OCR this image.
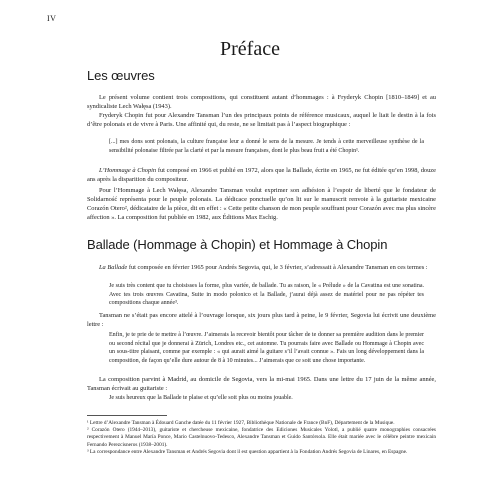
IV
Préface
Les œuvres

Le présent volume contient trois compositions, qui constituent autant d’hommages : à Fryderyk Chopin [1810–1849] et au syndicaliste Lech Wałęsa (1943).

Fryderyk Chopin fut pour Alexandre Tansman l’un des principaux points de référence musicaux, auquel le liait le destin à la fois d’être polonais et de vivre à Paris. Une affinité qui, du reste, ne se limitait pas à l’aspect biographique :

[...] mes dons sont polonais, la culture française leur a donné le sens de la mesure. Je tends à cette merveilleuse synthèse de la sensibilité polonaise filtrée par la clarté et par la mesure françaises, dont le plus beau fruit a été Chopin¹.

L’Hommage à Chopin fut composé en 1966 et publié en 1972, alors que la Ballade, écrite en 1965, ne fut éditée qu’en 1998, douze ans après la disparition du compositeur.

Pour l’Hommage à Lech Wałęsa, Alexandre Tansman voulut exprimer son adhésion à l’espoir de liberté que le fondateur de Solidarność représenta pour le peuple polonais. La dédicace ponctuelle qu’on lit sur le manuscrit renvoie à la guitariste mexicaine Corazón Otero², dédicataire de la pièce, dit en effet : « Cette petite chanson de mon peuple souffrant pour Corazón avec ma plus sincère affection ». La composition fut publiée en 1982, aux Éditions Max Eschig.

Ballade (Hommage à Chopin) et Hommage à Chopin

La Ballade fut composée en février 1965 pour Andrés Segovia, qui, le 3 février, s’adressait à Alexandre Tansman en ces termes :

Je suis très content que tu choisisses la forme, plus variée, de ballade. Tu as raison, le « Prélude » de la Cavatina est une sonatina. Avec tes trois œuvres Cavatina, Suite in modo polonico et la Ballade, j’aurai déjà assez de matériel pour ne pas répéter tes compositions chaque année³.

Tansman ne s’était pas encore attelé à l’ouvrage lorsque, six jours plus tard à peine, le 9 février, Segovia lui écrivit une deuxième lettre :

Enfin, je te prie de te mettre à l’œuvre. J’aimerais la recevoir bientôt pour tâcher de te donner sa première audition dans le premier ou second récital que je donnerai à Zürich, Londres etc., cet automne. Tu pourrais faire avec Ballade ou Hommage à Chopin avec un sous-titre plaisant, comme par exemple : « qui aurait aimé la guitare s’il l’avait connue ». Fais un long développement dans la composition, de façon qu’elle dure autour de 8 à 10 minutes... J’aimerais que ce soit une chose importante.

La composition parvint à Madrid, au domicile de Segovia, vers la mi-mai 1965. Dans une lettre du 17 juin de la même année, Tansman écrivait au guitariste :

Je suis heureux que la Ballade te plaise et qu’elle soit plus ou moins jouable.

¹ Lettre d’Alexandre Tansman à Édouard Ganche datée du 11 février 1927, Bibliothèque Nationale de France (BnF), Département de la Musique.

² Corazón Otero (1944–2013), guitariste et chercheuse mexicaine, fondatrice des Ediciones Musicales Yolotl, a publié quatre monographies consacrées respectivement à Manuel María Ponce, Mario Castelnuovo-Tedesco, Alexandre Tansman et Guido Santórsola. Elle était mariée avec le célèbre peintre mexicain Fernando Perezcisneros (1938–2001).

³ La correspondance entre Alexandre Tansman et Andrés Segovia dont il est question appartient à la Fondation Andrés Segovia de Linares, en Espagne.
